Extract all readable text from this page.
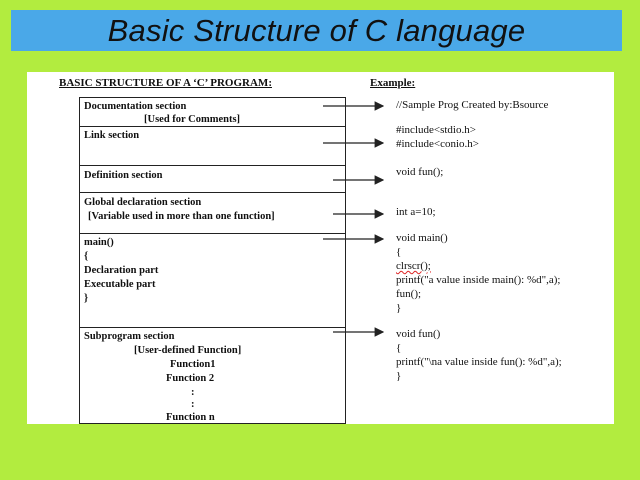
Basic Structure of C language
BASIC STRUCTURE OF A ‘C’ PROGRAM:	Example:
Documentation section
[Used for Comments]
Link section
Definition section
Global declaration section
[Variable used in more than one function]
main()
{
Declaration part
Executable part
}
Subprogram section
[User-defined Function]
Function1
Function 2
:
:
Function n
//Sample Prog Created by:Bsource
#include<stdio.h>
#include<conio.h>
void fun();
int a=10;
void main()
{
clrscr();
printf("a value inside main(): %d",a);
fun();
}
void fun()
{
printf("\na value inside fun(): %d",a);
}
